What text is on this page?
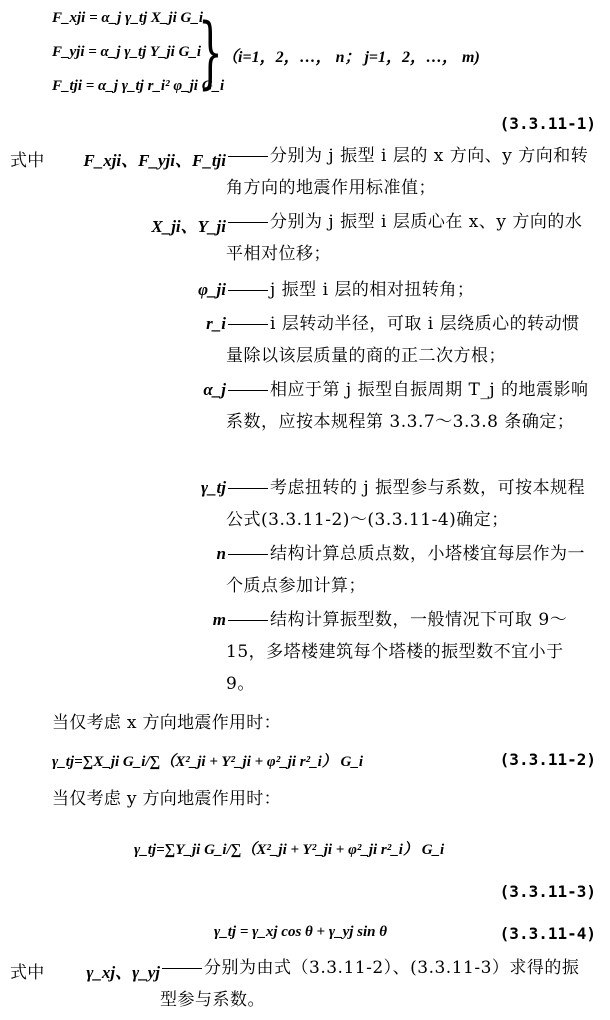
F_xji = α_j γ_tj X_ji G_i
F_yji = α_j γ_tj Y_ji G_i
F_tji = α_j γ_tj r_i² φ_ji G_i
} （i=1，2，…， n； j=1，2，…， m)
(3.3.11-1)
式中 F_xji、F_yji、F_tji	分别为 j 振型 i 层的 x 方向、y 方向和转角方向的地震作用标准值；
X_ji、Y_ji	分别为 j 振型 i 层质心在 x、y 方向的水平相对位移；
φ_ji	j 振型 i 层的相对扭转角；
r_i	i 层转动半径，可取 i 层绕质心的转动惯量除以该层质量的商的正二次方根；
α_j	相应于第 j 振型自振周期 T_j 的地震影响系数，应按本规程第 3.3.7～3.3.8 条确定；
γ_tj	考虑扭转的 j 振型参与系数，可按本规程公式(3.3.11-2)～(3.3.11-4)确定；
n	结构计算总质点数，小塔楼宜每层作为一个质点参加计算；
m	结构计算振型数，一般情况下可取 9～15，多塔楼建筑每个塔楼的振型数不宜小于 9。
当仅考虑 x 方向地震作用时：
γ_tj=∑X_ji G_i/∑（X²_ji + Y²_ji + φ²_ji r²_i） G_i	(3.3.11-2)
当仅考虑 y 方向地震作用时：
γ_tj=∑Y_ji G_i/∑（X²_ji + Y²_ji + φ²_ji r²_i） G_i
(3.3.11-3)
γ_tj = γ_xj cos θ + γ_yj sin θ	(3.3.11-4)
式中 γ_xj、γ_yj	分别为由式（3.3.11-2）、(3.3.11-3）求得的振型参与系数。
